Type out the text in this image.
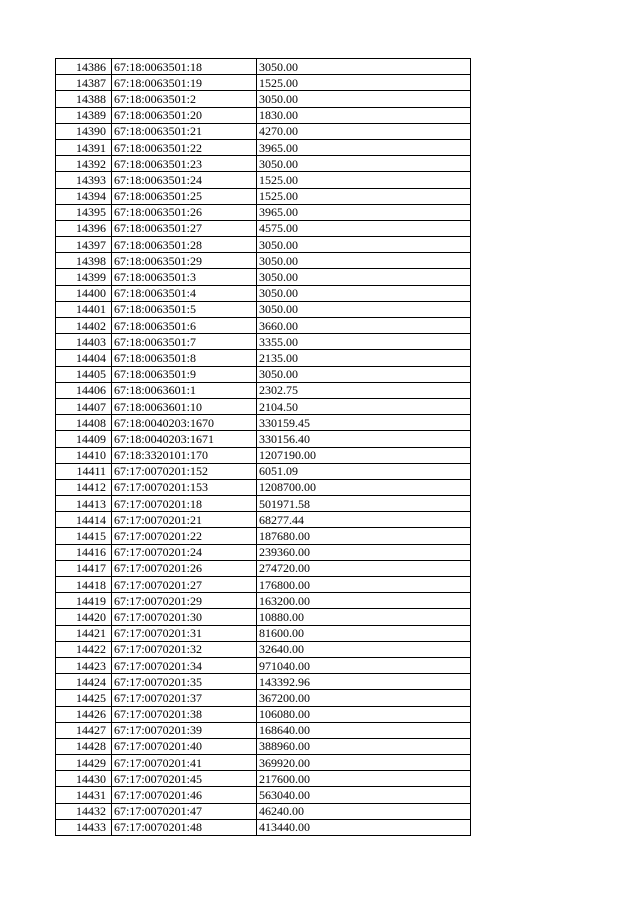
14386	67:18:0063501:18	3050.00
14387	67:18:0063501:19	1525.00
14388	67:18:0063501:2	3050.00
14389	67:18:0063501:20	1830.00
14390	67:18:0063501:21	4270.00
14391	67:18:0063501:22	3965.00
14392	67:18:0063501:23	3050.00
14393	67:18:0063501:24	1525.00
14394	67:18:0063501:25	1525.00
14395	67:18:0063501:26	3965.00
14396	67:18:0063501:27	4575.00
14397	67:18:0063501:28	3050.00
14398	67:18:0063501:29	3050.00
14399	67:18:0063501:3	3050.00
14400	67:18:0063501:4	3050.00
14401	67:18:0063501:5	3050.00
14402	67:18:0063501:6	3660.00
14403	67:18:0063501:7	3355.00
14404	67:18:0063501:8	2135.00
14405	67:18:0063501:9	3050.00
14406	67:18:0063601:1	2302.75
14407	67:18:0063601:10	2104.50
14408	67:18:0040203:1670	330159.45
14409	67:18:0040203:1671	330156.40
14410	67:18:3320101:170	1207190.00
14411	67:17:0070201:152	6051.09
14412	67:17:0070201:153	1208700.00
14413	67:17:0070201:18	501971.58
14414	67:17:0070201:21	68277.44
14415	67:17:0070201:22	187680.00
14416	67:17:0070201:24	239360.00
14417	67:17:0070201:26	274720.00
14418	67:17:0070201:27	176800.00
14419	67:17:0070201:29	163200.00
14420	67:17:0070201:30	10880.00
14421	67:17:0070201:31	81600.00
14422	67:17:0070201:32	32640.00
14423	67:17:0070201:34	971040.00
14424	67:17:0070201:35	143392.96
14425	67:17:0070201:37	367200.00
14426	67:17:0070201:38	106080.00
14427	67:17:0070201:39	168640.00
14428	67:17:0070201:40	388960.00
14429	67:17:0070201:41	369920.00
14430	67:17:0070201:45	217600.00
14431	67:17:0070201:46	563040.00
14432	67:17:0070201:47	46240.00
14433	67:17:0070201:48	413440.00
